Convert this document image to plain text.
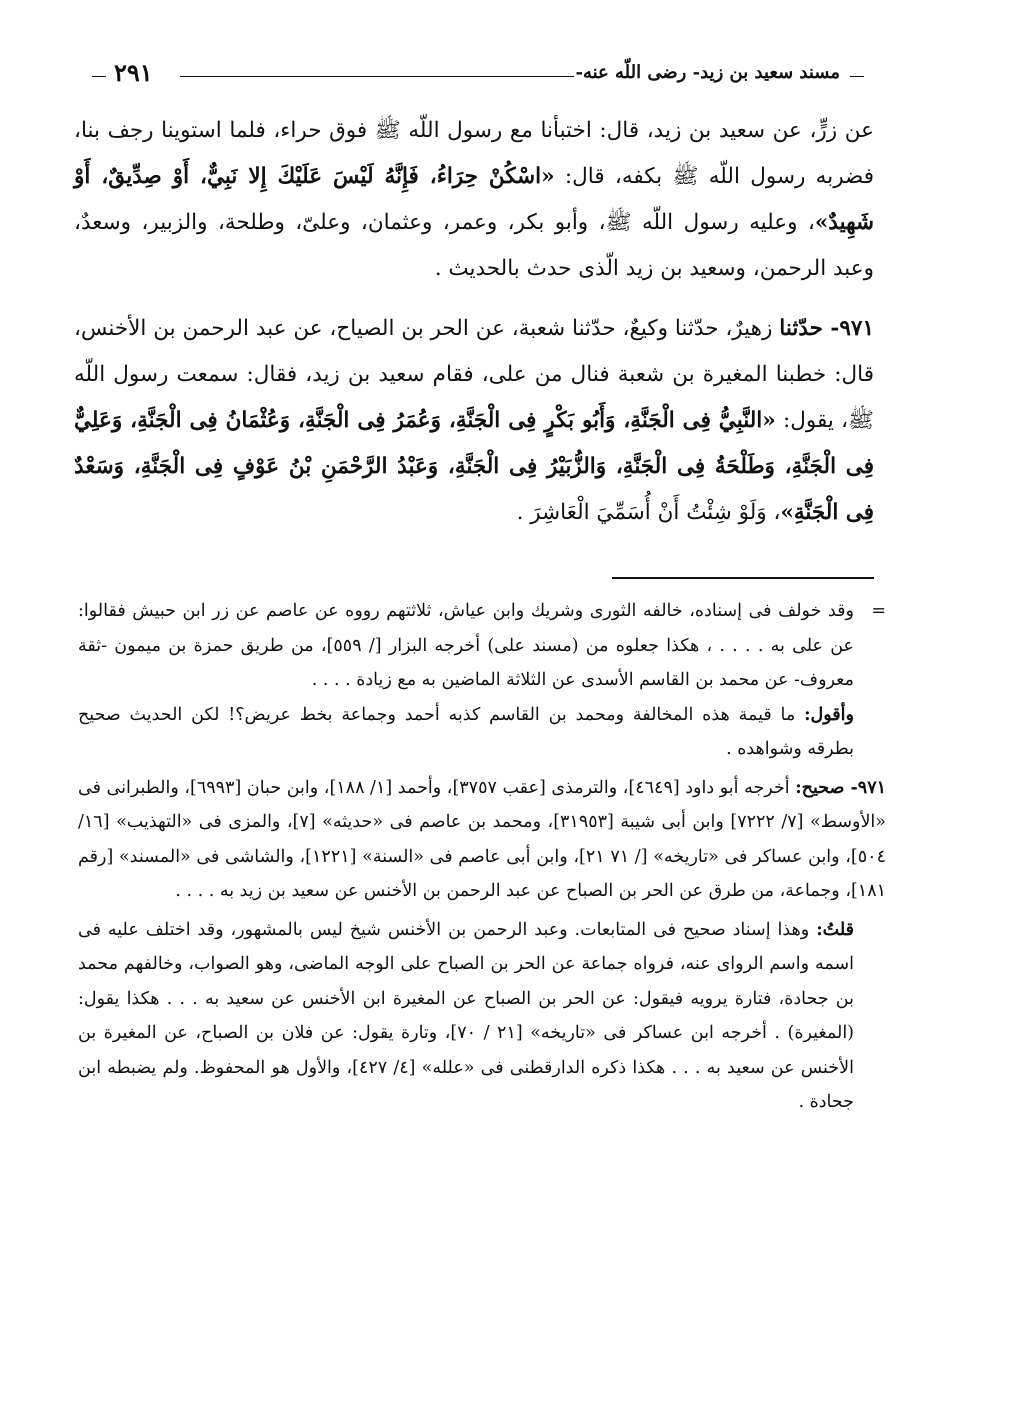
مسند سعيد بن زيد- رضى اللّه عنه-
٢٩١

عن زرٍّ، عن سعيد بن زيد، قال: اختبأنا مع رسول اللّه ﷺ فوق حراء، فلما استوينا رجف بنا، فضربه رسول اللّه ﷺ بكفه، قال: «اسْكُنْ حِرَاءُ، فَإِنَّهُ لَيْسَ عَلَيْكَ إِلا نَبِيٌّ، أَوْ صِدِّيقٌ، أَوْ شَهِيدٌ»، وعليه رسول اللّه ﷺ، وأبو بكر، وعمر، وعثمان، وعلىّ، وطلحة، والزبير، وسعدٌ، وعبد الرحمن، وسعيد بن زيد الّذى حدث بالحديث .

٩٧١- حدّثنا زهيرٌ، حدّثنا وكيعٌ، حدّثنا شعبة، عن الحر بن الصياح، عن عبد الرحمن بن الأخنس، قال: خطبنا المغيرة بن شعبة فنال من على، فقام سعيد بن زيد، فقال: سمعت رسول اللّه ﷺ، يقول: «النَّبِيُّ فِى الْجَنَّةِ، وَأَبُو بَكْرٍ فِى الْجَنَّةِ، وَعُمَرُ فِى الْجَنَّةِ، وَعُثْمَانُ فِى الْجَنَّةِ، وَعَلِيٌّ فِى الْجَنَّةِ، وَطَلْحَةُ فِى الْجَنَّةِ، وَالزُّبَيْرُ فِى الْجَنَّةِ، وَعَبْدُ الرَّحْمَنِ بْنُ عَوْفٍ فِى الْجَنَّةِ، وَسَعْدٌ فِى الْجَنَّةِ»، وَلَوْ شِئْتُ أَنْ أُسَمِّيَ الْعَاشِرَ .

=وقد خولف فى إسناده، خالفه الثورى وشريك وابن عياش، ثلاثتهم رووه عن عاصم عن زر ابن حبيش فقالوا: عن على به . . . . ، هكذا جعلوه من (مسند على) أخرجه البزار [/ ٥٥٩]، من طريق حمزة بن ميمون -ثقة معروف- عن محمد بن القاسم الأسدى عن الثلاثة الماضين به مع زيادة . . . .

وأقول: ما قيمة هذه المخالفة ومحمد بن القاسم كذبه أحمد وجماعة بخط عريض؟! لكن الحديث صحيح بطرقه وشواهده .

٩٧١- صحيح: أخرجه أبو داود [٤٦٤٩]، والترمذى [عقب ٣٧٥٧]، وأحمد [١/ ١٨٨]، وابن حبان [٦٩٩٣]، والطبرانى فى «الأوسط» [٧/ ٧٢٢٢] وابن أبى شيبة [٣١٩٥٣]، ومحمد بن عاصم فى «حديثه» [٧]، والمزى فى «التهذيب» [١٦/ ٥٠٤]، وابن عساكر فى «تاريخه» [/ ٧١ ٢١]، وابن أبى عاصم فى «السنة» [١٢٢١]، والشاشى فى «المسند» [رقم ١٨١]، وجماعة، من طرق عن الحر بن الصباح عن عبد الرحمن بن الأخنس عن سعيد بن زيد به . . . .

قلتُ: وهذا إسناد صحيح فى المتابعات. وعبد الرحمن بن الأخنس شيخ ليس بالمشهور، وقد اختلف عليه فى اسمه واسم الرواى عنه، فرواه جماعة عن الحر بن الصباح على الوجه الماضى، وهو الصواب، وخالفهم محمد بن جحادة، فتارة يرويه فيقول: عن الحر بن الصباح عن المغيرة ابن الأخنس عن سعيد به . . . هكذا يقول: (المغيرة) . أخرجه ابن عساكر فى «تاريخه» [٢١ / ٧٠]، وتارة يقول: عن فلان بن الصباح، عن المغيرة بن الأخنس عن سعيد به . . . هكذا ذكره الدارقطنى فى «علله» [٤/ ٤٢٧]، والأول هو المحفوظ. ولم يضبطه ابن جحادة .
